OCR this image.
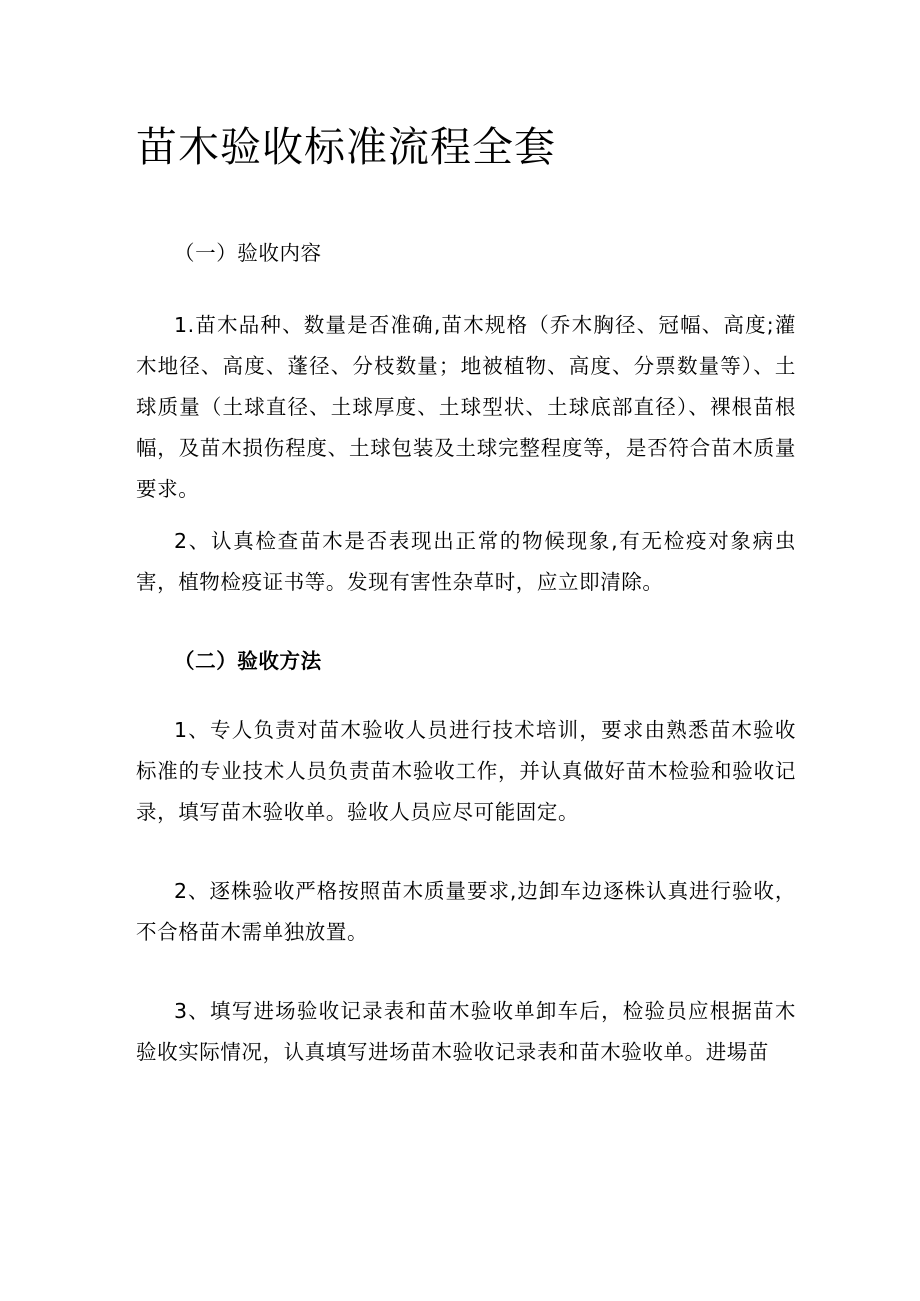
苗木验收标准流程全套

（一）验收内容

1.苗木品种、数量是否准确,苗木规格（乔木胸径、冠幅、高度;灌木地径、高度、蓬径、分枝数量；地被植物、高度、分票数量等）、土球质量（土球直径、土球厚度、土球型状、土球底部直径）、裸根苗根幅，及苗木损伤程度、土球包装及土球完整程度等，是否符合苗木质量要求。

2、认真检查苗木是否表现出正常的物候现象,有无检疫对象病虫害，植物检疫证书等。发现有害性杂草时，应立即清除。

（二）验收方法

1、专人负责对苗木验收人员进行技术培训，要求由熟悉苗木验收标准的专业技术人员负责苗木验收工作，并认真做好苗木检验和验收记录，填写苗木验收单。验收人员应尽可能固定。

2、逐株验收严格按照苗木质量要求,边卸车边逐株认真进行验收，不合格苗木需单独放置。

3、填写进场验收记录表和苗木验收单卸车后，检验员应根据苗木验收实际情况，认真填写进场苗木验收记录表和苗木验收单。进場苗
